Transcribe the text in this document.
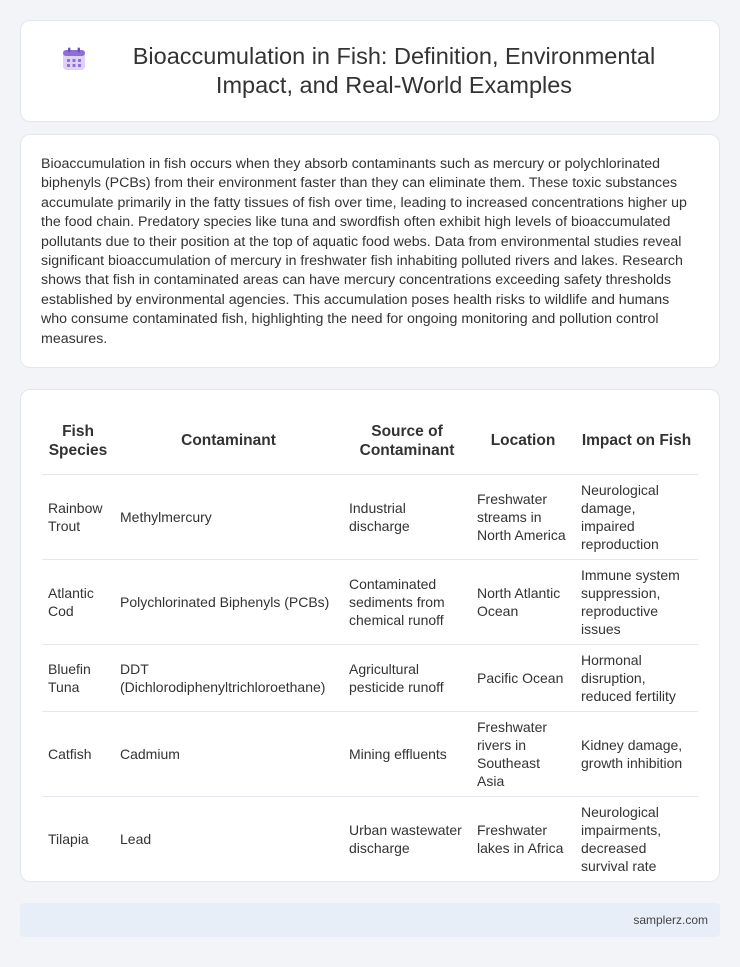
Bioaccumulation in Fish: Definition, Environmental Impact, and Real-World Examples

Bioaccumulation in fish occurs when they absorb contaminants such as mercury or polychlorinated biphenyls (PCBs) from their environment faster than they can eliminate them. These toxic substances accumulate primarily in the fatty tissues of fish over time, leading to increased concentrations higher up the food chain. Predatory species like tuna and swordfish often exhibit high levels of bioaccumulated pollutants due to their position at the top of aquatic food webs. Data from environmental studies reveal significant bioaccumulation of mercury in freshwater fish inhabiting polluted rivers and lakes. Research shows that fish in contaminated areas can have mercury concentrations exceeding safety thresholds established by environmental agencies. This accumulation poses health risks to wildlife and humans who consume contaminated fish, highlighting the need for ongoing monitoring and pollution control measures.

Fish Species	Contaminant	Source of Contaminant	Location	Impact on Fish
Rainbow Trout	Methylmercury	Industrial discharge	Freshwater streams in North America	Neurological damage, impaired reproduction
Atlantic Cod	Polychlorinated Biphenyls (PCBs)	Contaminated sediments from chemical runoff	North Atlantic Ocean	Immune system suppression, reproductive issues
Bluefin Tuna	DDT (Dichlorodiphenyltrichloroethane)	Agricultural pesticide runoff	Pacific Ocean	Hormonal disruption, reduced fertility
Catfish	Cadmium	Mining effluents	Freshwater rivers in Southeast Asia	Kidney damage, growth inhibition
Tilapia	Lead	Urban wastewater discharge	Freshwater lakes in Africa	Neurological impairments, decreased survival rate
samplerz.com
